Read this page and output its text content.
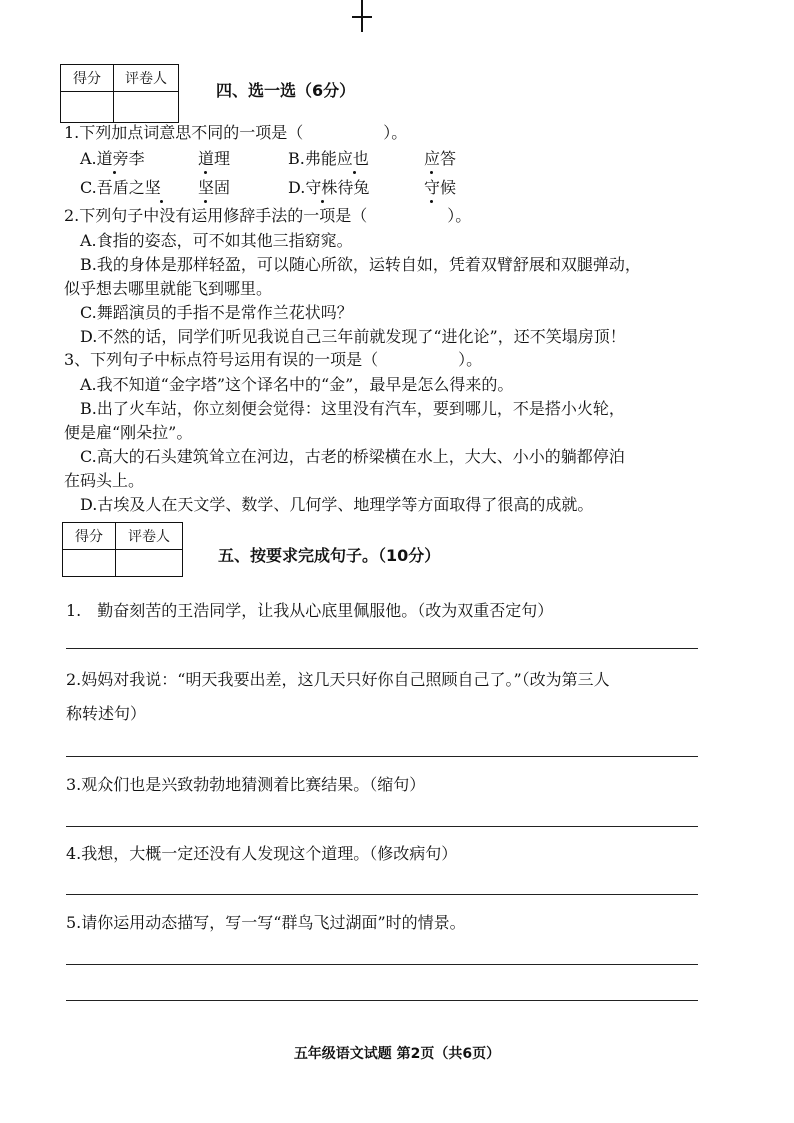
得分	评卷人

四、选一选（6分）
1.下列加点词意思不同的一项是（　　　　　）。
A.道旁李	道理	B.弗能应也	应答
C.吾盾之坚 坚固	D.守株待兔	守候
2.下列句子中没有运用修辞手法的一项是（　　　　　）。
A.食指的姿态，可不如其他三指窈窕。
B.我的身体是那样轻盈，可以随心所欲，运转自如，凭着双臂舒展和双腿弹动，
似乎想去哪里就能飞到哪里。
C.舞蹈演员的手指不是常作兰花状吗？
D.不然的话，同学们听见我说自己三年前就发现了“进化论”，还不笑塌房顶！
3、下列句子中标点符号运用有误的一项是（　　　　　）。
A.我不知道“金字塔”这个译名中的“金”，最早是怎么得来的。
B.出了火车站，你立刻便会觉得：这里没有汽车，要到哪儿，不是搭小火轮，
便是雇“刚朵拉”。
C.高大的石头建筑耸立在河边，古老的桥梁横在水上，大大、小小的躺都停泊
在码头上。
D.古埃及人在天文学、数学、几何学、地理学等方面取得了很高的成就。
得分	评卷人

五、按要求完成句子。（10分）
1.　勤奋刻苦的王浩同学，让我从心底里佩服他。（改为双重否定句）
2.妈妈对我说：“明天我要出差，这几天只好你自己照顾自己了。”（改为第三人
称转述句）
3.观众们也是兴致勃勃地猜测着比赛结果。（缩句）
4.我想，大概一定还没有人发现这个道理。（修改病句）
5.请你运用动态描写，写一写“群鸟飞过湖面”时的情景。
五年级语文试题 第2页（共6页）
